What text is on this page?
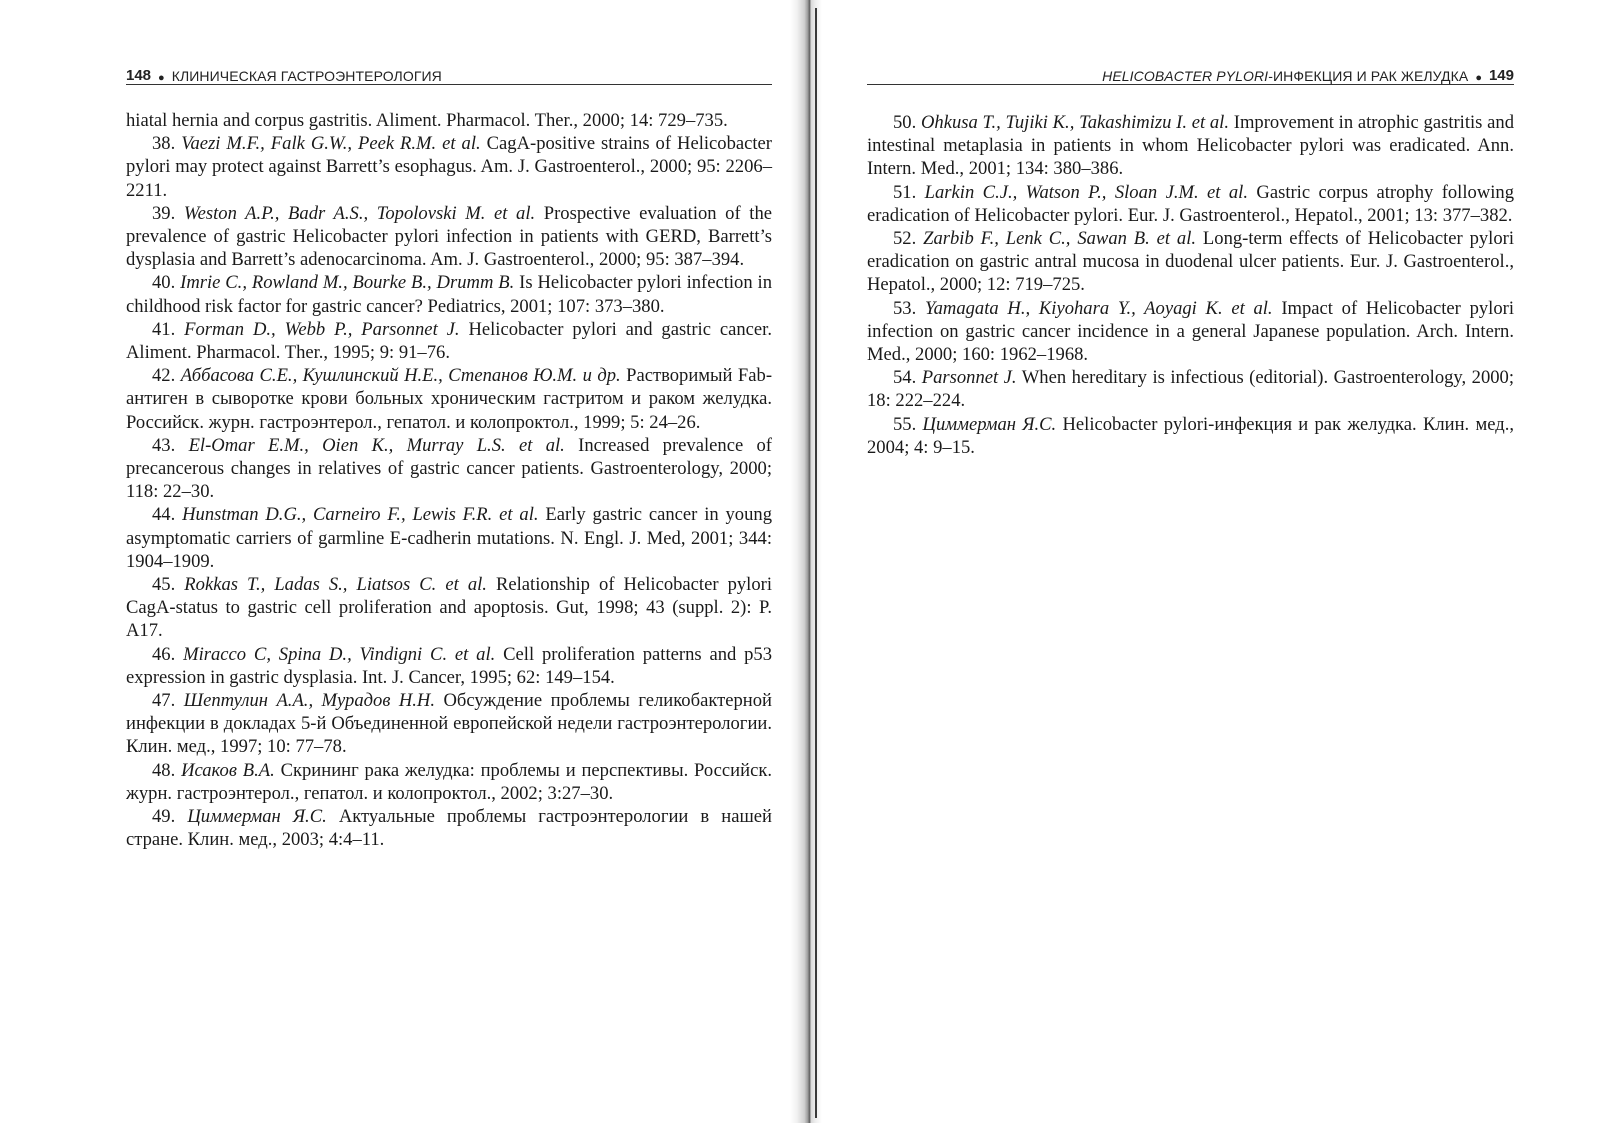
148 ● КЛИНИЧЕСКАЯ ГАСТРОЭНТЕРОЛОГИЯ

hiatal hernia and corpus gastritis. Aliment. Pharmacol. Ther., 2000; 14: 729–735.

38. Vaezi M.F., Falk G.W., Peek R.M. et al. CagA-positive strains of Helicobacter pylori may protect against Barrett’s esophagus. Am. J. Gastroenterol., 2000; 95: 2206–2211.

39. Weston A.P., Badr A.S., Topolovski M. et al. Prospective evaluation of the prevalence of gastric Helicobacter pylori infection in patients with GERD, Barrett’s dysplasia and Barrett’s adenocarcinoma. Am. J. Gastroenterol., 2000; 95: 387–394.

40. Imrie C., Rowland M., Bourke B., Drumm B. Is Helicobacter pylori infection in childhood risk factor for gastric cancer? Pediatrics, 2001; 107: 373–380.

41. Forman D., Webb P., Parsonnet J. Helicobacter pylori and gastric cancer. Aliment. Pharmacol. Ther., 1995; 9: 91–76.

42. Аббасова С.Е., Кушлинский Н.Е., Степанов Ю.М. и др. Растворимый Fab-антиген в сыворотке крови больных хроническим гастритом и раком желудка. Российск. журн. гастроэнтерол., гепатол. и колопроктол., 1999; 5: 24–26.

43. El-Omar E.M., Oien K., Murray L.S. et al. Increased prevalence of precancerous changes in relatives of gastric cancer patients. Gastroenterology, 2000; 118: 22–30.

44. Hunstman D.G., Carneiro F., Lewis F.R. et al. Early gastric cancer in young asymptomatic carriers of garmline E-cadherin mutations. N. Engl. J. Med, 2001; 344: 1904–1909.

45. Rokkas T., Ladas S., Liatsos C. et al. Relationship of Helicobacter pylori CagA-status to gastric cell proliferation and apoptosis. Gut, 1998; 43 (suppl. 2): P. A17.

46. Miracco C, Spina D., Vindigni C. et al. Cell proliferation patterns and p53 expression in gastric dysplasia. Int. J. Cancer, 1995; 62: 149–154.

47. Шептулин А.А., Мурадов Н.Н. Обсуждение проблемы геликобактерной инфекции в докладах 5-й Объединенной европейской недели гастроэнтерологии. Клин. мед., 1997; 10: 77–78.

48. Исаков В.А. Скрининг рака желудка: проблемы и перспективы. Российск. журн. гастроэнтерол., гепатол. и колопроктол., 2002; 3:27–30.

49. Циммерман Я.С. Актуальные проблемы гастроэнтерологии в нашей стране. Клин. мед., 2003; 4:4–11.

HELICOBACTER PYLORI-ИНФЕКЦИЯ И РАК ЖЕЛУДКА ● 149

50. Ohkusa T., Tujiki K., Takashimizu I. et al. Improvement in atrophic gastritis and intestinal metaplasia in patients in whom Helicobacter pylori was eradicated. Ann. Intern. Med., 2001; 134: 380–386.

51. Larkin C.J., Watson P., Sloan J.M. et al. Gastric corpus atrophy following eradication of Helicobacter pylori. Eur. J. Gastroenterol., Hepatol., 2001; 13: 377–382.

52. Zarbib F., Lenk C., Sawan B. et al. Long-term effects of Helicobacter pylori eradication on gastric antral mucosa in duodenal ulcer patients. Eur. J. Gastroenterol., Hepatol., 2000; 12: 719–725.

53. Yamagata H., Kiyohara Y., Aoyagi K. et al. Impact of Helicobacter pylori infection on gastric cancer incidence in a general Japanese population. Arch. Intern. Med., 2000; 160: 1962–1968.

54. Parsonnet J. When hereditary is infectious (editorial). Gastroenterology, 2000; 18: 222–224.

55. Циммерман Я.С. Helicobacter pylori-инфекция и рак желудка. Клин. мед., 2004; 4: 9–15.
